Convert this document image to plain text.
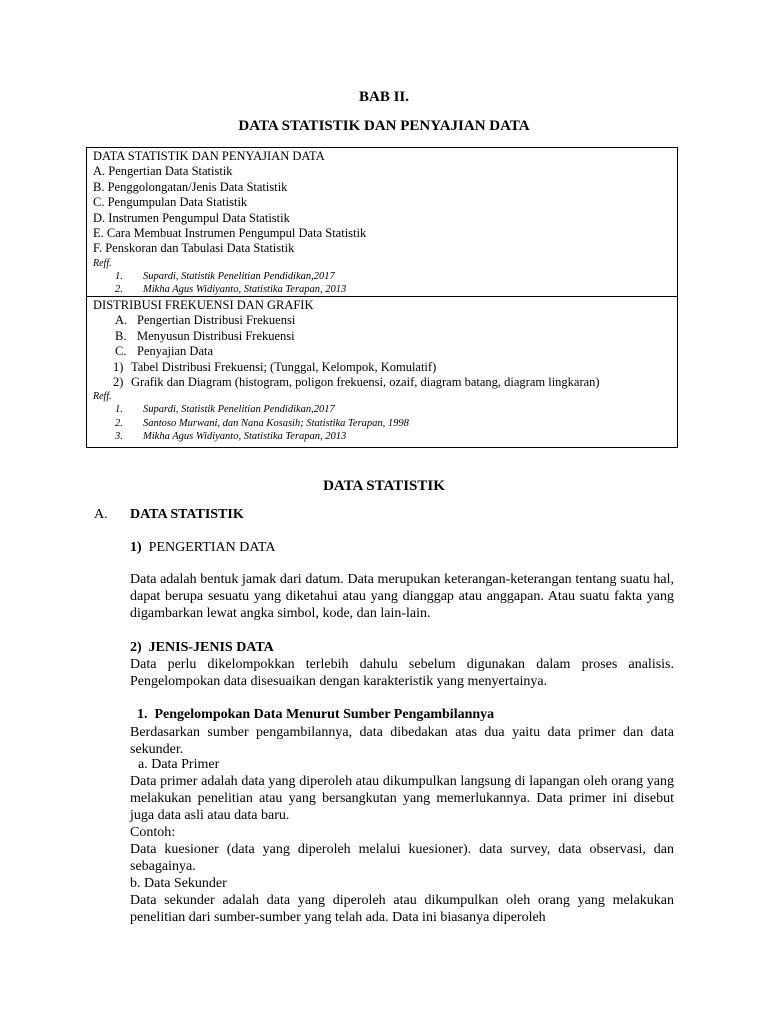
BAB II.
DATA STATISTIK DAN PENYAJIAN DATA
DATA STATISTIK DAN PENYAJIAN DATA
A. Pengertian Data Statistik
B. Penggolongatan/Jenis Data Statistik
C. Pengumpulan Data Statistik
D. Instrumen Pengumpul Data Statistik
E. Cara Membuat Instrumen Pengumpul Data Statistik
F. Penskoran dan Tabulasi Data Statistik
Reff.
1. Supardi, Statistik Penelitian Pendidikan,2017
2. Mikha Agus Widiyanto, Statistika Terapan, 2013
DISTRIBUSI FREKUENSI DAN GRAFIK
A. Pengertian Distribusi Frekuensi
B. Menyusun Distribusi Frekuensi
C. Penyajian Data
1) Tabel Distribusi Frekuensi; (Tunggal, Kelompok, Komulatif)
2) Grafik dan Diagram (histogram, poligon frekuensi, ozaif, diagram batang, diagram lingkaran)
Reff.
1. Supardi, Statistik Penelitian Pendidikan,2017
2. Santoso Murwani, dan Nana Kosasih; Statistika Terapan, 1998
3. Mikha Agus Widiyanto, Statistika Terapan, 2013
DATA STATISTIK
A. DATA STATISTIK
1) PENGERTIAN DATA
Data adalah bentuk jamak dari datum. Data merupukan keterangan-keterangan tentang suatu hal, dapat berupa sesuatu yang diketahui atau yang dianggap atau anggapan. Atau suatu fakta yang digambarkan lewat angka simbol, kode, dan lain-lain.
2) JENIS-JENIS DATA
Data perlu dikelompokkan terlebih dahulu sebelum digunakan dalam proses analisis. Pengelompokan data disesuaikan dengan karakteristik yang menyertainya.
1. Pengelompokan Data Menurut Sumber Pengambilannya
Berdasarkan sumber pengambilannya, data dibedakan atas dua yaitu data primer dan data sekunder.
a. Data Primer
Data primer adalah data yang diperoleh atau dikumpulkan langsung di lapangan oleh orang yang melakukan penelitian atau yang bersangkutan yang memerlukannya. Data primer ini disebut juga data asli atau data baru.
Contoh:
Data kuesioner (data yang diperoleh melalui kuesioner). data survey, data observasi, dan sebagainya.
b. Data Sekunder
Data sekunder adalah data yang diperoleh atau dikumpulkan oleh orang yang melakukan penelitian dari sumber-sumber yang telah ada. Data ini biasanya diperoleh
